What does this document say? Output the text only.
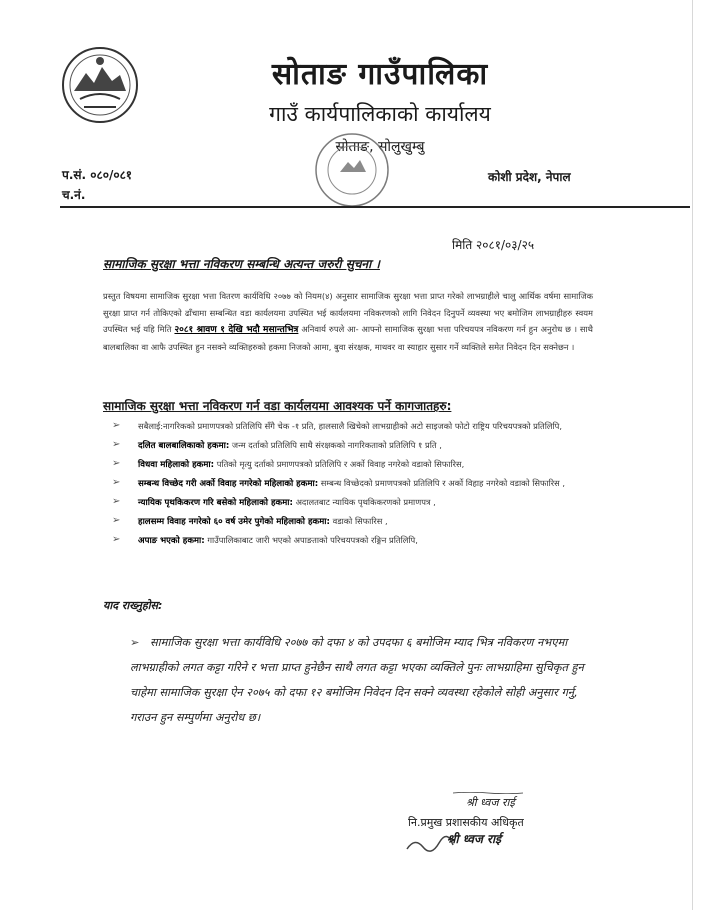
सोताङ गाउँपालिका
गाउँ कार्यपालिकाको कार्यालय
सोताङ, सोलुखुम्बु
प.सं. ०८०/०८१
च.नं.
कोशी प्रदेश, नेपाल
मिति २०८१/०३/२५
सामाजिक सुरक्षा भत्ता नविकरण सम्बन्धि अत्यन्त जरुरी सुचना ।
प्रस्तुत विषयमा सामाजिक सुरक्षा भत्ता वितरण कार्यविधि २०७७ को नियम(४) अनुसार सामाजिक सुरक्षा भत्ता प्राप्त गरेको लाभग्राहीले चालु आर्थिक वर्षमा सामाजिक सुरक्षा प्राप्त गर्न तोकिएको ढाँचामा सम्बन्धित वडा कार्यलयमा उपस्थित भई कार्यलयमा नविकरणको लागि निवेदन दिनुपर्ने व्यवस्था भए बमोजिम लाभग्राहीहरु स्वयम उपस्थित भई यहि मिति २०८१ श्रावण १ देखि भदौ मसान्तभित्र अनिवार्य रुपले आ- आफ्नो सामाजिक सुरक्षा भत्ता परिचयपत्र नविकरण गर्न हुन अनुरोध छ । साथै बालबालिका वा आफै उपस्थित हुन नसक्ने व्यक्तिहरुको हकमा निजको आमा, बुवा संरक्षक, माथवर वा स्याहार सुसार गर्ने व्यक्तिले समेत निवेदन दिन सक्नेछन ।
सामाजिक सुरक्षा भत्ता नविकरण गर्न वडा कार्यलयमा आवश्यक पर्ने कागजातहरु:
➢ सबैलाई:नागरिकको प्रमाणपत्रको प्रतिलिपि सँगै चेक -१ प्रति, हालसालै खिचेको लाभग्राहीको अटो साइजको फोटो राष्ट्रिय परिचयपत्रको प्रतिलिपि,
➢ दलित बालबालिकाको हकमा: जन्म दर्ताको प्रतिलिपि साथै संरक्षकको नागरिकताको प्रतिलिपि १ प्रति ,
➢ विधवा महिलाको हकमा: पतिको मृत्यु दर्ताको प्रमाणपत्रको प्रतिलिपि र अर्को विवाह नगरेको वडाको सिफारिस,
➢ सम्बन्ध विच्छेद गरी अर्को विवाह नगरेको महिलाको हकमा: सम्बन्ध विच्छेदको प्रमाणपत्रको प्रतिलिपि र अर्को विहाह नगरेको वडाको सिफारिस ,
➢ न्यायिक पृथकिकरण गरि बसेको महिलाको हकमा: अदालतबाट न्यायिक पृथकिकरणको प्रमाणपत्र ,
➢ हालसम्म विवाह नगरेको ६० वर्ष उमेर पुगेको महिलाको हकमा: वडाको सिफारिस ,
➢ अपाङ भएको हकमा: गाउँपालिकाबाट जारी भएको अपाङताको परिचयपत्रको रङ्गिन प्रतिलिपि,
याद राख्नुहोस:
➢ सामाजिक सुरक्षा भत्ता कार्यविधि २०७७ को दफा ४ को उपदफा ६ बमोजिम म्याद भित्र नविकरण नभएमा लाभग्राहीको लगत कट्टा गरिने र भत्ता प्राप्त हुनेछैन साथै लगत कट्टा भएका व्यक्तिले पुनः लाभग्राहिमा सुचिकृत हुन चाहेमा सामाजिक सुरक्षा ऐन २०७५ को दफा १२ बमोजिम निवेदन दिन सक्ने व्यवस्था रहेकोले सोही अनुसार गर्नु, गराउन हुन सम्पुर्णमा अनुरोध छ।
श्री ध्वज राई
नि.प्रमुख प्रशासकीय अधिकृत
श्री ध्वज राई
